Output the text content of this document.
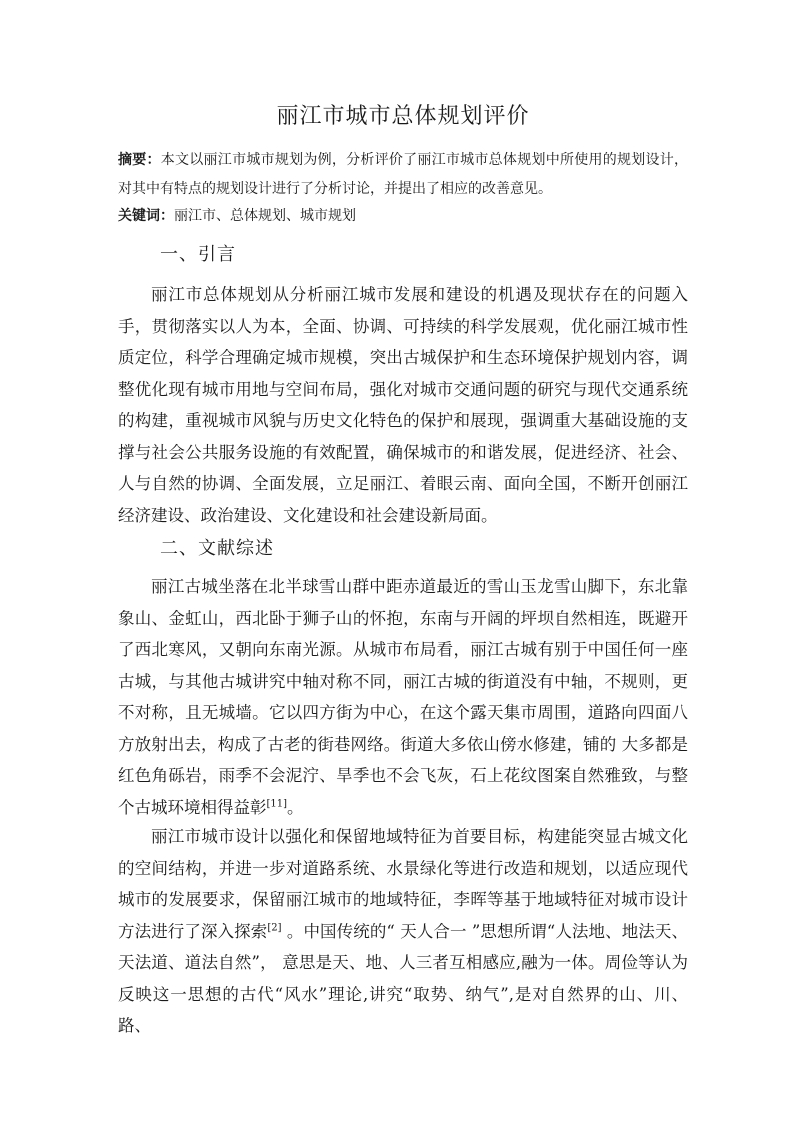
丽江市城市总体规划评价
摘要：本文以丽江市城市规划为例，分析评价了丽江市城市总体规划中所使用的规划设计，对其中有特点的规划设计进行了分析讨论，并提出了相应的改善意见。
关键词：丽江市、总体规划、城市规划
一、引言
丽江市总体规划从分析丽江城市发展和建设的机遇及现状存在的问题入手，贯彻落实以人为本，全面、协调、可持续的科学发展观，优化丽江城市性质定位，科学合理确定城市规模，突出古城保护和生态环境保护规划内容，调整优化现有城市用地与空间布局，强化对城市交通问题的研究与现代交通系统的构建，重视城市风貌与历史文化特色的保护和展现，强调重大基础设施的支撑与社会公共服务设施的有效配置，确保城市的和谐发展，促进经济、社会、人与自然的协调、全面发展，立足丽江、着眼云南、面向全国，不断开创丽江经济建设、政治建设、文化建设和社会建设新局面。
二、文献综述
丽江古城坐落在北半球雪山群中距赤道最近的雪山玉龙雪山脚下，东北靠象山、金虹山，西北卧于狮子山的怀抱，东南与开阔的坪坝自然相连，既避开了西北寒风，又朝向东南光源。从城市布局看，丽江古城有别于中国任何一座古城，与其他古城讲究中轴对称不同，丽江古城的街道没有中轴，不规则，更 不对称，且无城墙。它以四方街为中心，在这个露天集市周围，道路向四面八方放射出去，构成了古老的街巷网络。街道大多依山傍水修建，铺的 大多都是红色角砾岩，雨季不会泥泞、旱季也不会飞灰，石上花纹图案自然雅致，与整个古城环境相得益彰[11]。
丽江市城市设计以强化和保留地域特征为首要目标，构建能突显古城文化的空间结构，并进一步对道路系统、水景绿化等进行改造和规划，以适应现代城市的发展要求，保留丽江城市的地域特征，李晖等基于地域特征对城市设计方法进行了深入探索[2] 。中国传统的“ 天人合一 ”思想所谓“人法地、地法天、天法道、道法自然”， 意思是天、地、人三者互相感应,融为一体。周俭等认为反映这一思想的古代“风水”理论,讲究“取势、纳气”,是对自然界的山、川、路、
